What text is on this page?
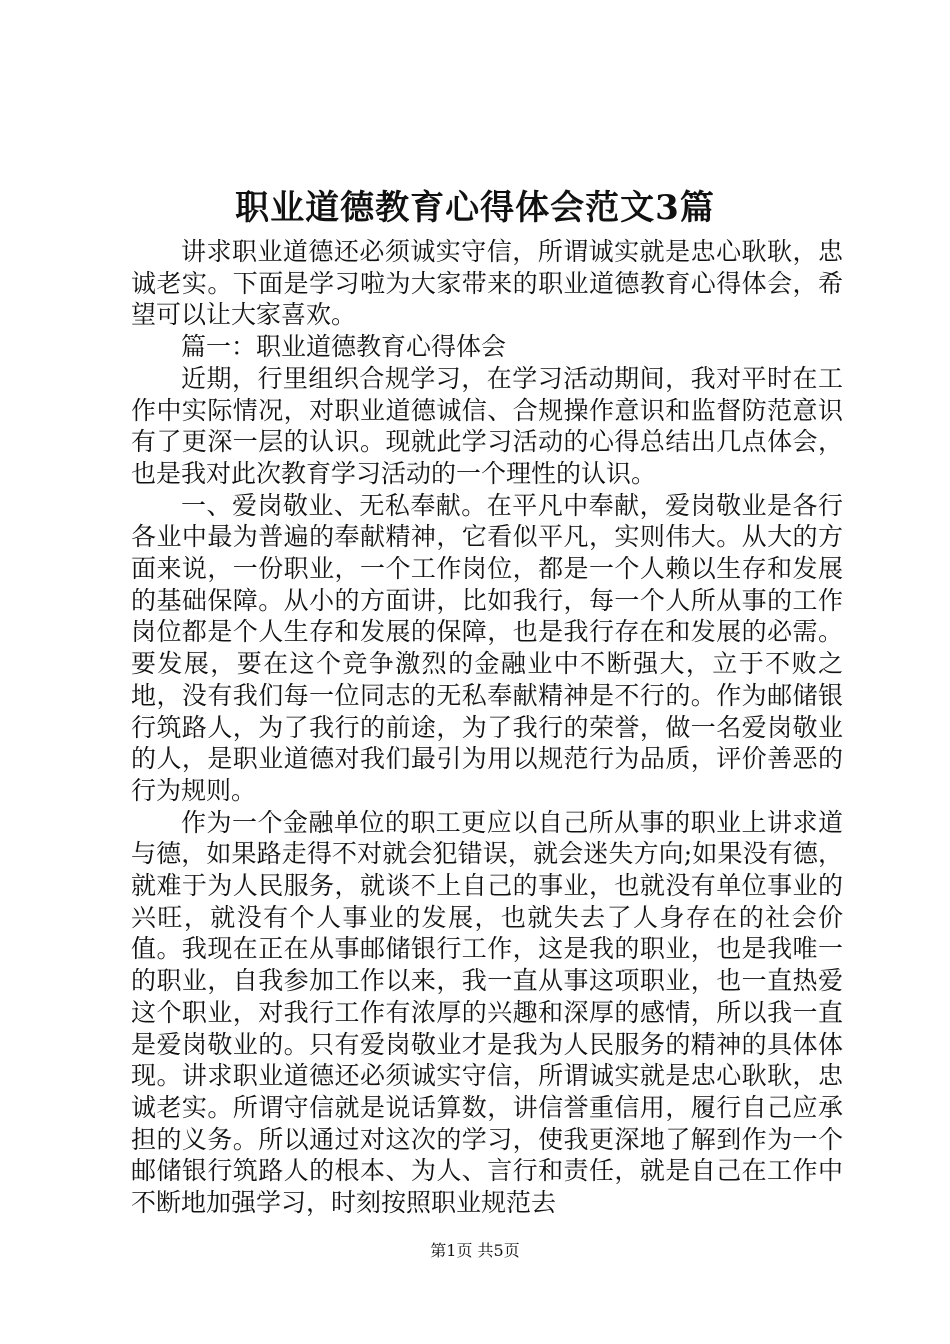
职业道德教育心得体会范文3篇

讲求职业道德还必须诚实守信，所谓诚实就是忠心耿耿，忠诚老实。下面是学习啦为大家带来的职业道德教育心得体会，希望可以让大家喜欢。

篇一：职业道德教育心得体会

近期，行里组织合规学习，在学习活动期间，我对平时在工作中实际情况，对职业道德诚信、合规操作意识和监督防范意识有了更深一层的认识。现就此学习活动的心得总结出几点体会，也是我对此次教育学习活动的一个理性的认识。

一、爱岗敬业、无私奉献。在平凡中奉献，爱岗敬业是各行各业中最为普遍的奉献精神，它看似平凡，实则伟大。从大的方面来说，一份职业，一个工作岗位，都是一个人赖以生存和发展的基础保障。从小的方面讲，比如我行，每一个人所从事的工作岗位都是个人生存和发展的保障，也是我行存在和发展的必需。要发展，要在这个竞争激烈的金融业中不断强大，立于不败之地，没有我们每一位同志的无私奉献精神是不行的。作为邮储银行筑路人，为了我行的前途，为了我行的荣誉，做一名爱岗敬业的人，是职业道德对我们最引为用以规范行为品质，评价善恶的行为规则。

作为一个金融单位的职工更应以自己所从事的职业上讲求道与德，如果路走得不对就会犯错误，就会迷失方向;如果没有德，就难于为人民服务，就谈不上自己的事业，也就没有单位事业的兴旺，就没有个人事业的发展，也就失去了人身存在的社会价值。我现在正在从事邮储银行工作，这是我的职业，也是我唯一的职业，自我参加工作以来，我一直从事这项职业，也一直热爱这个职业，对我行工作有浓厚的兴趣和深厚的感情，所以我一直是爱岗敬业的。只有爱岗敬业才是我为人民服务的精神的具体体现。讲求职业道德还必须诚实守信，所谓诚实就是忠心耿耿，忠诚老实。所谓守信就是说话算数，讲信誉重信用，履行自己应承担的义务。所以通过对这次的学习，使我更深地了解到作为一个邮储银行筑路人的根本、为人、言行和责任，就是自己在工作中不断地加强学习，时刻按照职业规范去

第1页 共5页
